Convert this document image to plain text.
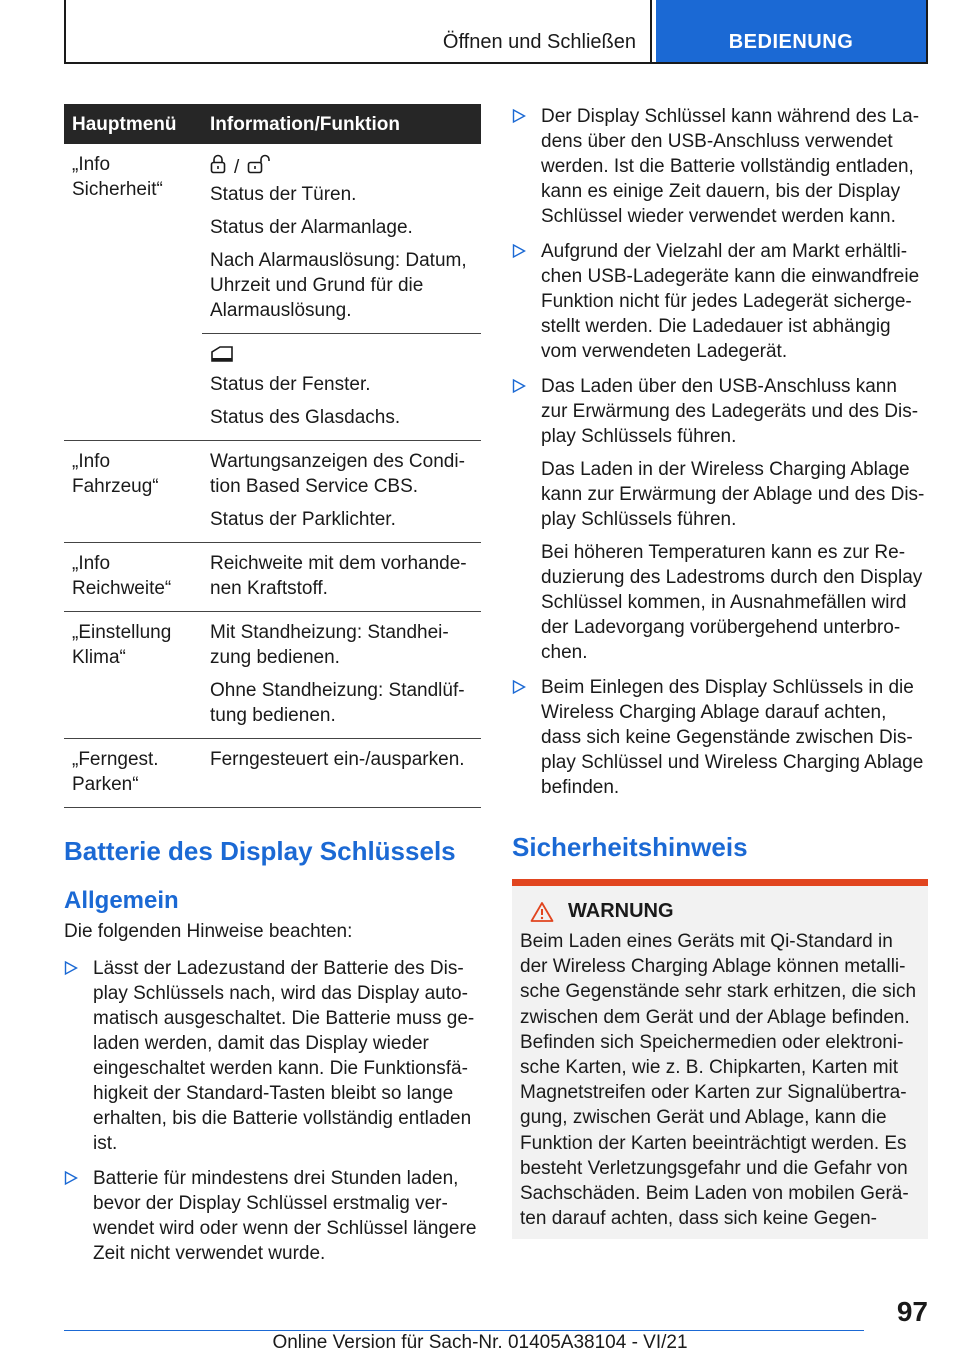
Öffnen und Schließen	BEDIENUNG
Hauptmenü	Information/Funktion
„Info Sicherheit“	/

Status der Türen.

Status der Alarmanlage.

Nach Alarmauslösung: Datum, Uhrzeit und Grund für die Alarmauslösung.

	Status der Fenster.

Status des Glasdachs.

„Info Fahrzeug“	Wartungsanzeigen des Condition Based Service CBS.

Status der Parklichter.

„Info Reichweite“	Reichweite mit dem vorhandenen Kraftstoff.

„Einstellung Klima“	Mit Standheizung: Standheizung bedienen.

Ohne Standheizung: Standlüftung bedienen.

„Ferngest. Parken“	Ferngesteuert ein-/ausparken.

Batterie des Display Schlüssels
Allgemein

Die folgenden Hinweise beachten:

Lässt der Ladezustand der Batterie des Display Schlüssels nach, wird das Display automatisch ausgeschaltet. Die Batterie muss geladen werden, damit das Display wieder eingeschaltet werden kann. Die Funktionsfähigkeit der Standard-Tasten bleibt so lange erhalten, bis die Batterie vollständig entladen ist.

Batterie für mindestens drei Stunden laden, bevor der Display Schlüssel erstmalig verwendet wird oder wenn der Schlüssel längere Zeit nicht verwendet wurde.

Der Display Schlüssel kann während des Ladens über den USB-Anschluss verwendet werden. Ist die Batterie vollständig entladen, kann es einige Zeit dauern, bis der Display Schlüssel wieder verwendet werden kann.

Aufgrund der Vielzahl der am Markt erhältlichen USB-Ladegeräte kann die einwandfreie Funktion nicht für jedes Ladegerät sichergestellt werden. Die Ladedauer ist abhängig vom verwendeten Ladegerät.

Das Laden über den USB-Anschluss kann zur Erwärmung des Ladegeräts und des Display Schlüssels führen.

Das Laden in der Wireless Charging Ablage kann zur Erwärmung der Ablage und des Display Schlüssels führen.

Bei höheren Temperaturen kann es zur Reduzierung des Ladestroms durch den Display Schlüssel kommen, in Ausnahmefällen wird der Ladevorgang vorübergehend unterbrochen.

Beim Einlegen des Display Schlüssels in die Wireless Charging Ablage darauf achten, dass sich keine Gegenstände zwischen Display Schlüssel und Wireless Charging Ablage befinden.

Sicherheitshinweis
WARNUNG

Beim Laden eines Geräts mit Qi-Standard in der Wireless Charging Ablage können metallische Gegenstände sehr stark erhitzen, die sich zwischen dem Gerät und der Ablage befinden. Befinden sich Speichermedien oder elektronische Karten, wie z. B. Chipkarten, Karten mit Magnetstreifen oder Karten zur Signalübertragung, zwischen Gerät und Ablage, kann die Funktion der Karten beeinträchtigt werden. Es besteht Verletzungsgefahr und die Gefahr von Sachschäden. Beim Laden von mobilen Geräten darauf achten, dass sich keine Gegen-

97
Online Version für Sach-Nr. 01405A38104 - VI/21
